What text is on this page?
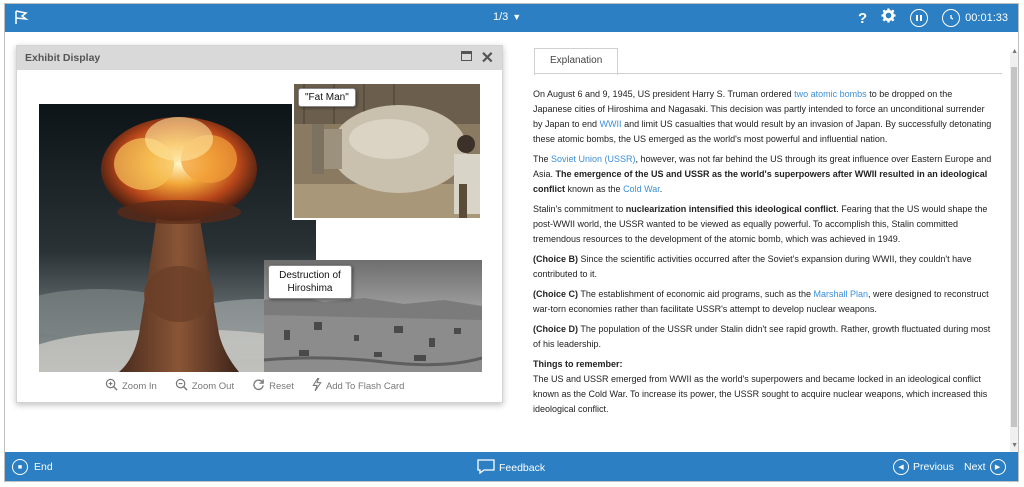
1/3 ▼	?	00:01:33
Exhibit Display	✕
"Fat Man"
Destruction of
Hiroshima
Zoom In	Zoom Out	Reset	Add To Flash Card
Explanation

On August 6 and 9, 1945, US president Harry S. Truman ordered two atomic bombs to be dropped on the Japanese cities of Hiroshima and Nagasaki. This decision was partly intended to force an unconditional surrender by Japan to end WWII and limit US casualties that would result by an invasion of Japan. By successfully detonating these atomic bombs, the US emerged as the world's most powerful and influential nation.

The Soviet Union (USSR), however, was not far behind the US through its great influence over Eastern Europe and Asia. The emergence of the US and USSR as the world's superpowers after WWII resulted in an ideological conflict known as the Cold War.

Stalin's commitment to nuclearization intensified this ideological conflict. Fearing that the US would shape the post-WWII world, the USSR wanted to be viewed as equally powerful. To accomplish this, Stalin committed tremendous resources to the development of the atomic bomb, which was achieved in 1949.

(Choice B) Since the scientific activities occurred after the Soviet's expansion during WWII, they couldn't have contributed to it.

(Choice C) The establishment of economic aid programs, such as the Marshall Plan, were designed to reconstruct war-torn economies rather than facilitate USSR's attempt to develop nuclear weapons.

(Choice D) The population of the USSR under Stalin didn't see rapid growth. Rather, growth fluctuated during most of his leadership.

Things to remember:
The US and USSR emerged from WWII as the world's superpowers and became locked in an ideological conflict known as the Cold War. To increase its power, the USSR sought to acquire nuclear weapons, which increased this ideological conflict.
▲
▼
■	End	Feedback	◀ Previous Next	▶
